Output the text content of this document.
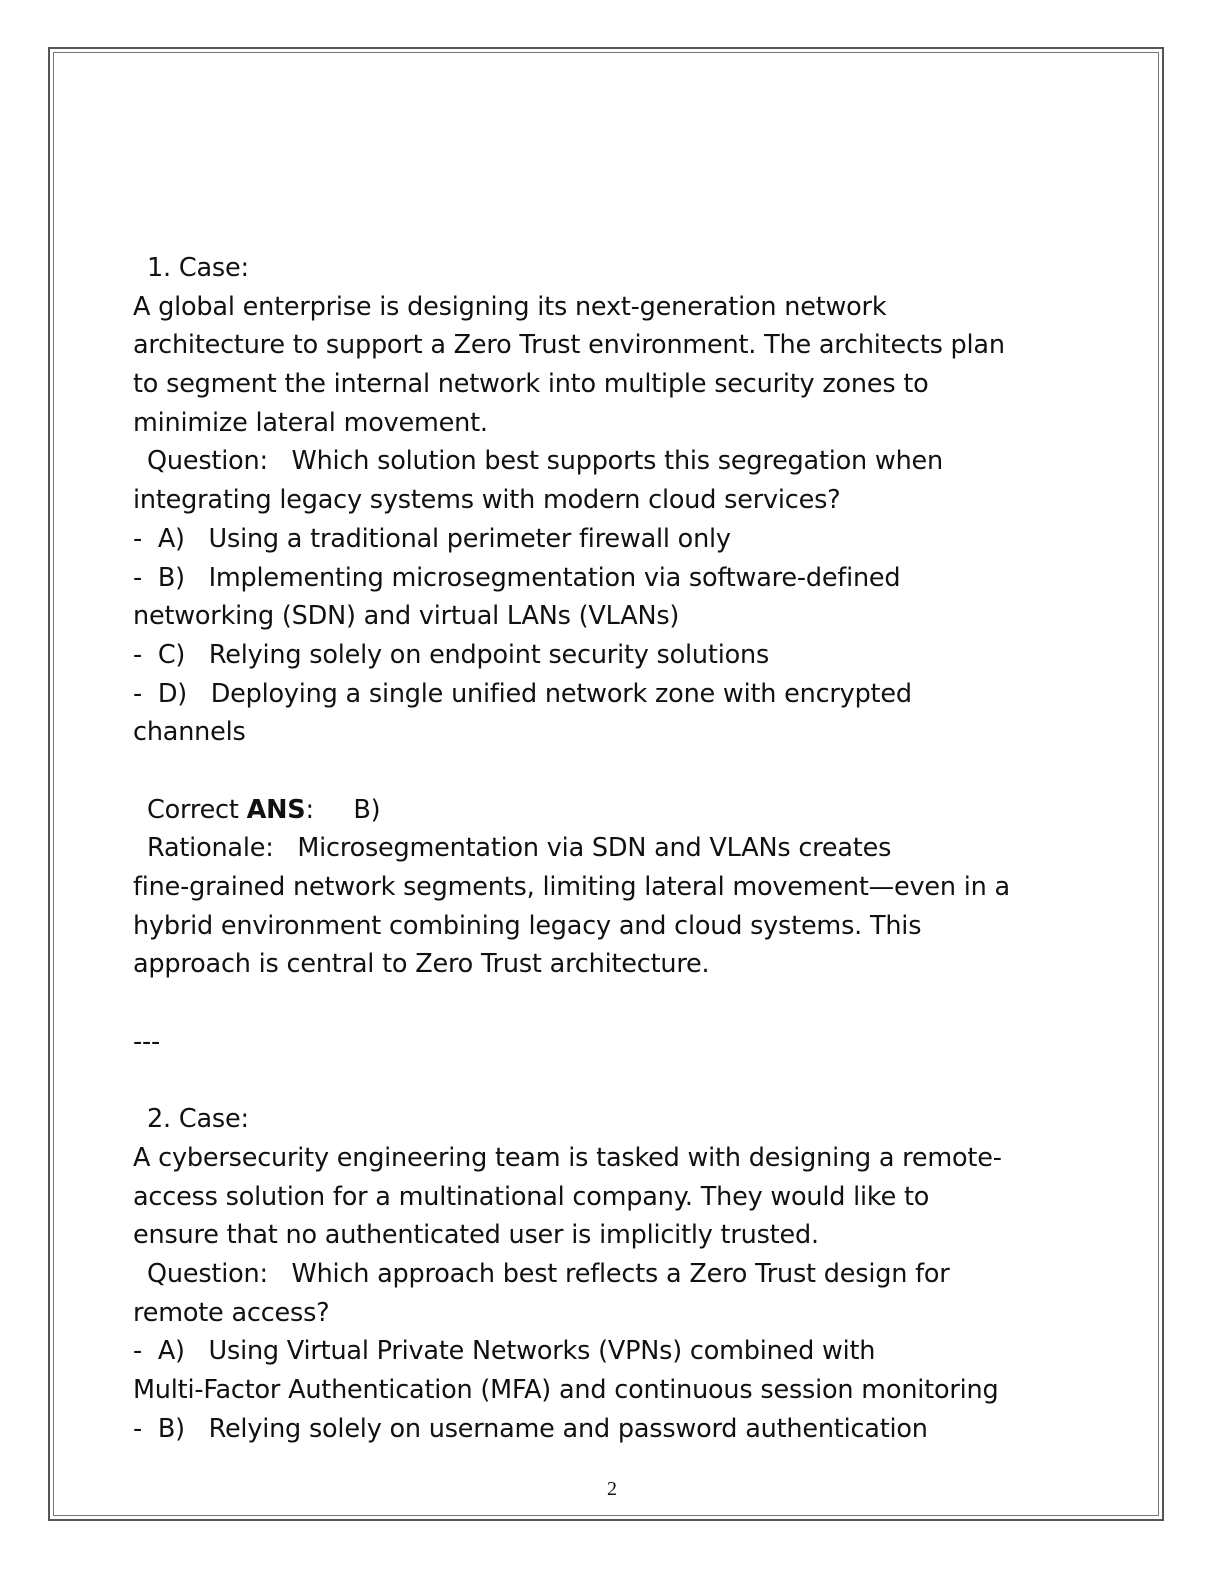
1. Case:
A global enterprise is designing its next-generation network
architecture to support a Zero Trust environment. The architects plan
to segment the internal network into multiple security zones to
minimize lateral movement.
Question:   Which solution best supports this segregation when
integrating legacy systems with modern cloud services?
-  A)   Using a traditional perimeter firewall only
-  B)   Implementing microsegmentation via software-defined
networking (SDN) and virtual LANs (VLANs)
-  C)   Relying solely on endpoint security solutions
-  D)   Deploying a single unified network zone with encrypted
channels
Correct ANS:     B)
Rationale:   Microsegmentation via SDN and VLANs creates
fine-grained network segments, limiting lateral movement—even in a
hybrid environment combining legacy and cloud systems. This
approach is central to Zero Trust architecture.
---
2. Case:
A cybersecurity engineering team is tasked with designing a remote-
access solution for a multinational company. They would like to
ensure that no authenticated user is implicitly trusted.
Question:   Which approach best reflects a Zero Trust design for
remote access?
-  A)   Using Virtual Private Networks (VPNs) combined with
Multi-Factor Authentication (MFA) and continuous session monitoring
-  B)   Relying solely on username and password authentication
2
